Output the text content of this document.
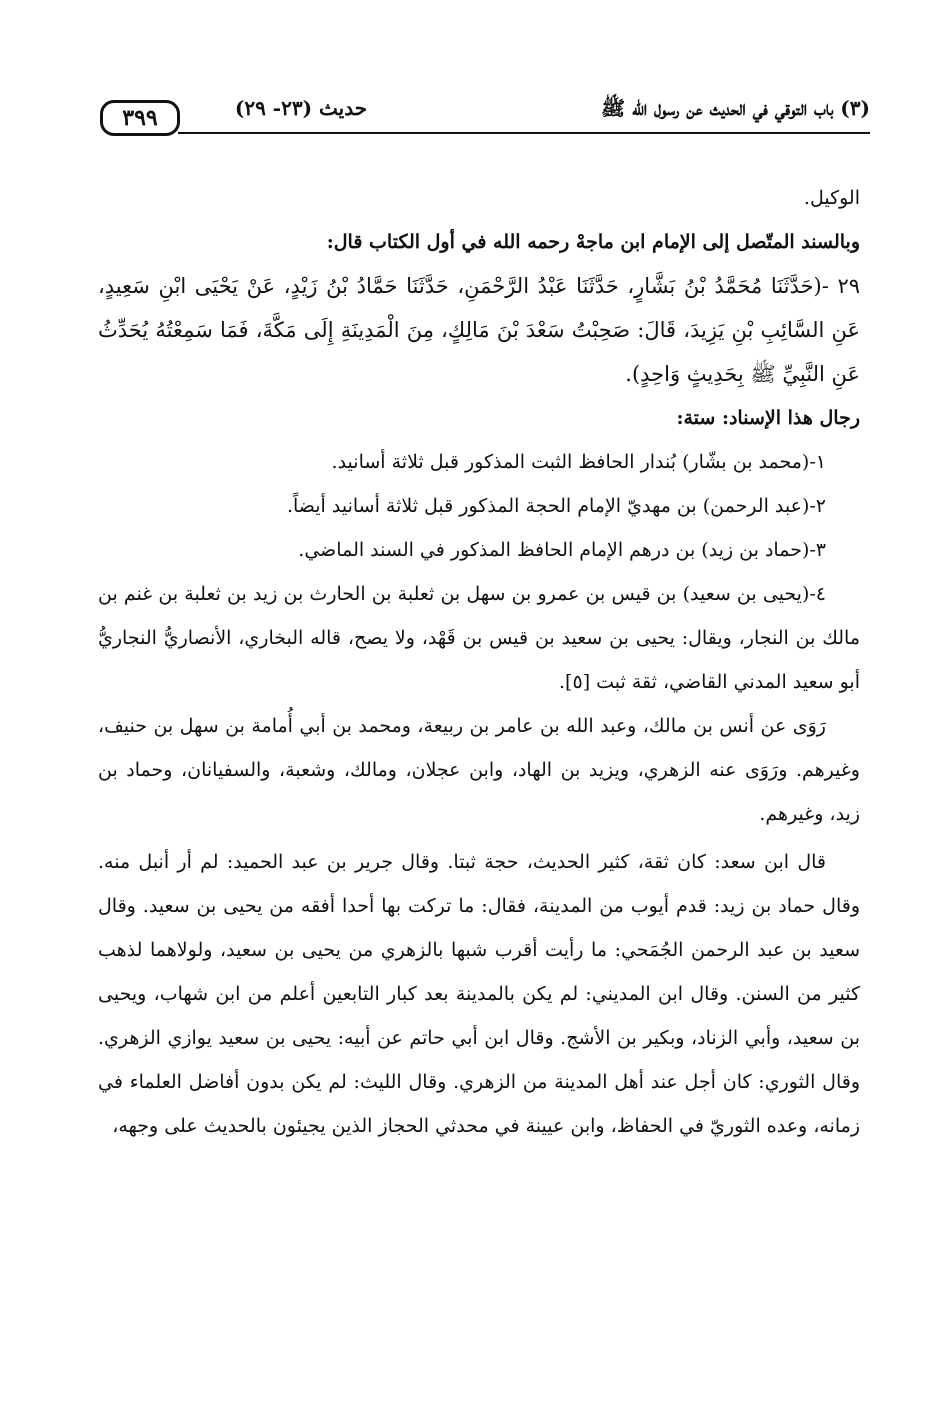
٣٩٩	حديث (٢٣- ٢٩)	(٣) باب التوقي في الحديث عن رسول الله ﷺ

الوكيل.

وبالسند المتّصل إلى الإمام ابن ماجهْ رحمه الله في أول الكتاب قال:

٢٩ -(حَدَّثَنَا مُحَمَّدُ بْنُ بَشَّارٍ، حَدَّثَنَا عَبْدُ الرَّحْمَنِ، حَدَّثَنَا حَمَّادُ بْنُ زَيْدٍ، عَنْ يَحْيَى ابْنِ سَعِيدٍ، عَنِ السَّائِبِ بْنِ يَزِيدَ، قَالَ: صَحِبْتُ سَعْدَ بْنَ مَالِكٍ، مِنَ الْمَدِينَةِ إِلَى مَكَّةَ، فَمَا سَمِعْتُهُ يُحَدِّثُ عَنِ النَّبِيِّ ﷺ بِحَدِيثٍ وَاحِدٍ).

رجال هذا الإسناد: ستة:

١-(محمد بن بشّار) بُندار الحافظ الثبت المذكور قبل ثلاثة أسانيد.

٢-(عبد الرحمن) بن مهديّ الإمام الحجة المذكور قبل ثلاثة أسانيد أيضاً.

٣-(حماد بن زيد) بن درهم الإمام الحافظ المذكور في السند الماضي.

٤-(يحيى بن سعيد) بن قيس بن عمرو بن سهل بن ثعلبة بن الحارث بن زيد بن ثعلبة بن غنم بن مالك بن النجار، ويقال: يحيى بن سعيد بن قيس بن قَهْد، ولا يصح، قاله البخاري، الأنصاريُّ النجاريُّ أبو سعيد المدني القاضي، ثقة ثبت [٥].

رَوَى عن أنس بن مالك، وعبد الله بن عامر بن ربيعة، ومحمد بن أبي أُمامة بن سهل بن حنيف، وغيرهم. ورَوَى عنه الزهري، ويزيد بن الهاد، وابن عجلان، ومالك، وشعبة، والسفيانان، وحماد بن زيد، وغيرهم.

قال ابن سعد: كان ثقة، كثير الحديث، حجة ثبتا. وقال جرير بن عبد الحميد: لم أر أنبل منه. وقال حماد بن زيد: قدم أيوب من المدينة، فقال: ما تركت بها أحدا أفقه من يحيى بن سعيد. وقال سعيد بن عبد الرحمن الجُمَحي: ما رأيت أقرب شبها بالزهري من يحيى بن سعيد، ولولاهما لذهب كثير من السنن. وقال ابن المديني: لم يكن بالمدينة بعد كبار التابعين أعلم من ابن شهاب، ويحيى بن سعيد، وأبي الزناد، وبكير بن الأشج. وقال ابن أبي حاتم عن أبيه: يحيى بن سعيد يوازي الزهري. وقال الثوري: كان أجل عند أهل المدينة من الزهري. وقال الليث: لم يكن بدون أفاضل العلماء في زمانه، وعده الثوريّ في الحفاظ، وابن عيينة في محدثي الحجاز الذين يجيئون بالحديث على وجهه،
